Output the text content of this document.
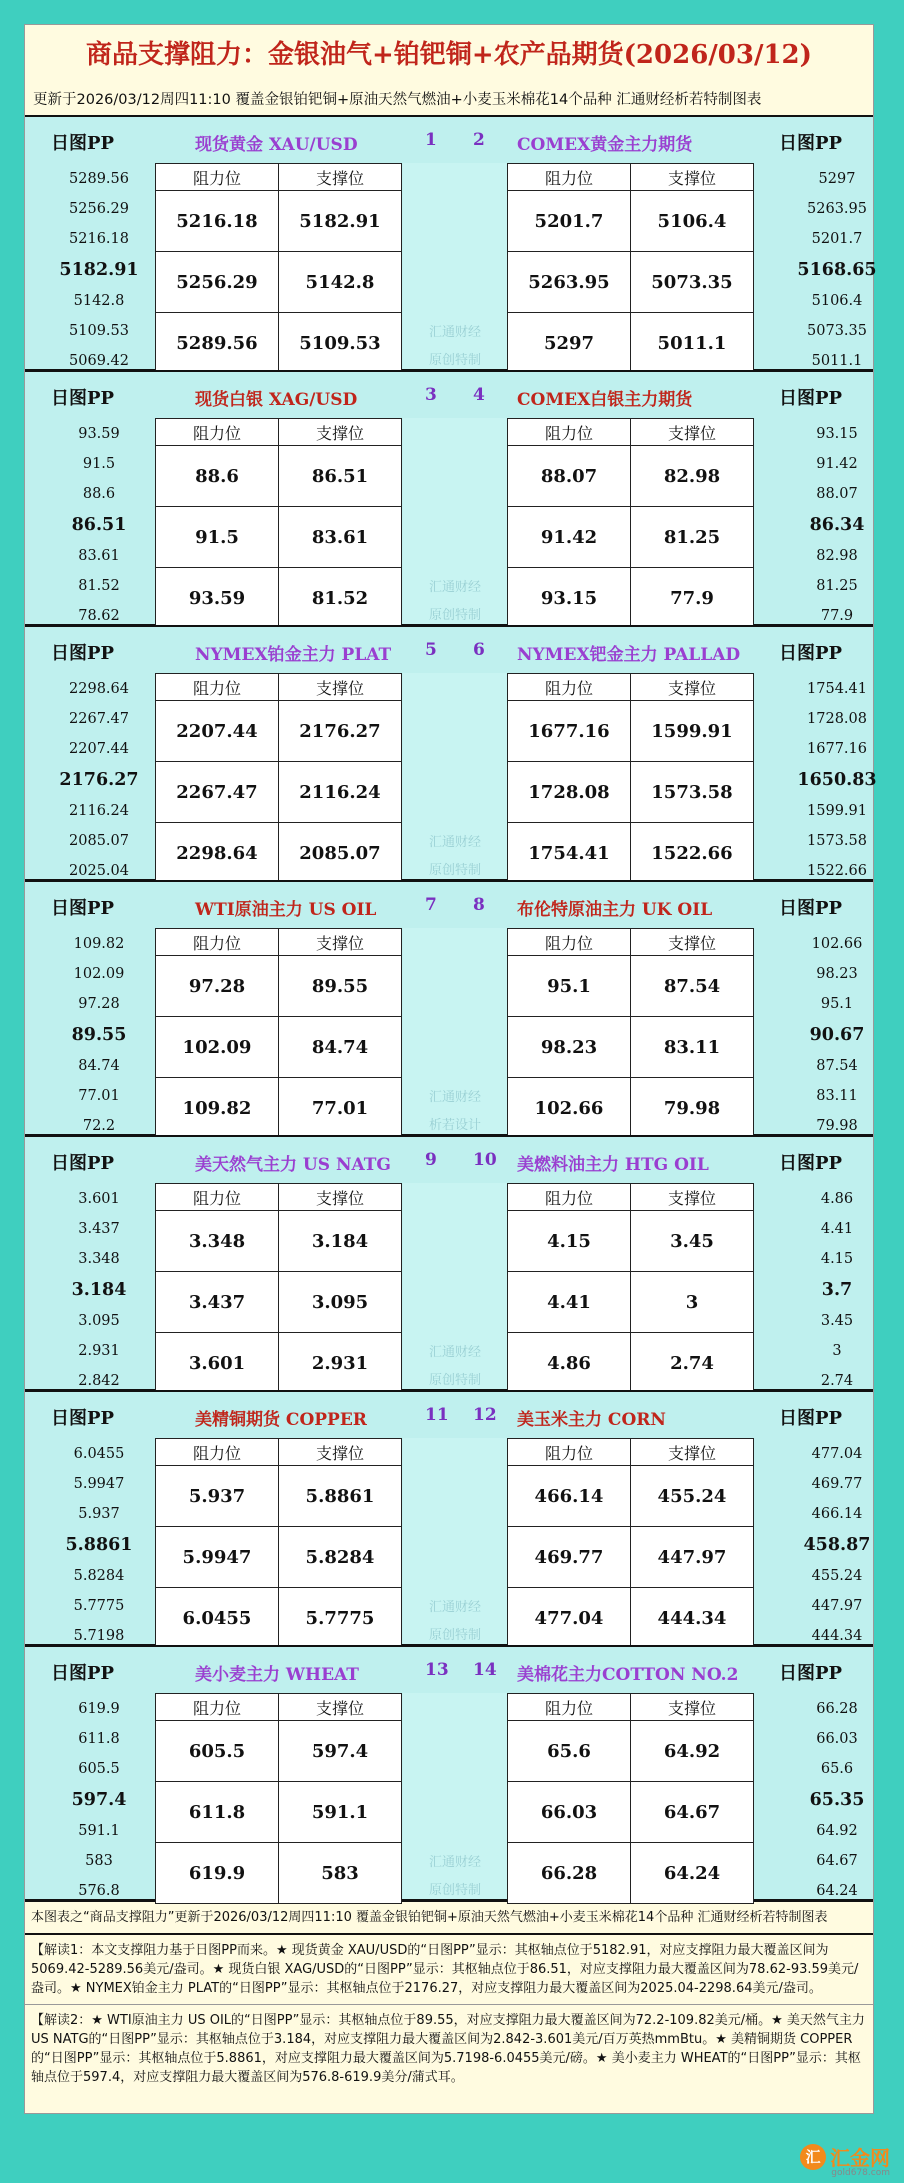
商品支撑阻力：金银油气+铂钯铜+农产品期货(2026/03/12)
更新于2026/03/12周四11:10 覆盖金银铂钯铜+原油天然气燃油+小麦玉米棉花14个品种 汇通财经析若特制图表
汇通财经
原创特制
日图PP	现货黄金 XAU/USD	1
5289.56
5256.29
5216.18
5182.91
5142.8
5109.53
5069.42
阻力位	支撑位
5216.18	5182.91
5256.29	5142.8
5289.56	5109.53
日图PP
COMEX黄金主力期货
2
5297
5263.95
5201.7
5168.65
5106.4
5073.35
5011.1
阻力位	支撑位
5201.7	5106.4
5263.95	5073.35
5297	5011.1
汇通财经
原创特制
日图PP	现货白银 XAG/USD	3
93.59
91.5
88.6
86.51
83.61
81.52
78.62
阻力位	支撑位
88.6	86.51
91.5	83.61
93.59	81.52
日图PP
COMEX白银主力期货
4
93.15
91.42
88.07
86.34
82.98
81.25
77.9
阻力位	支撑位
88.07	82.98
91.42	81.25
93.15	77.9
汇通财经
原创特制
日图PP	NYMEX铂金主力 PLAT 5
2298.64
2267.47
2207.44
2176.27
2116.24
2085.07
2025.04
阻力位	支撑位
2207.44	2176.27
2267.47	2116.24
2298.64	2085.07
日图PP
NYMEX钯金主力 PALLAD
6
1754.41
1728.08
1677.16
1650.83
1599.91
1573.58
1522.66
阻力位	支撑位
1677.16	1599.91
1728.08	1573.58
1754.41	1522.66
汇通财经
析若设计
日图PP	WTI原油主力 US OIL	7
109.82
102.09
97.28
89.55
84.74
77.01
72.2
阻力位	支撑位
97.28	89.55
102.09	84.74
109.82	77.01
日图PP
布伦特原油主力 UK OIL
8
102.66
98.23
95.1
90.67
87.54
83.11
79.98
阻力位	支撑位
95.1	87.54
98.23	83.11
102.66	79.98
汇通财经
原创特制
日图PP	美天然气主力 US NATG 9
3.601
3.437
3.348
3.184
3.095
2.931
2.842
阻力位	支撑位
3.348	3.184
3.437	3.095
3.601	2.931
日图PP
美燃料油主力 HTG OIL
10
4.86
4.41
4.15
3.7
3.45
3
2.74
阻力位	支撑位
4.15	3.45
4.41	3
4.86	2.74
汇通财经
原创特制
日图PP	美精铜期货 COPPER	11
6.0455
5.9947
5.937
5.8861
5.8284
5.7775
5.7198
阻力位	支撑位
5.937	5.8861
5.9947	5.8284
6.0455	5.7775
日图PP
美玉米主力 CORN
12
477.04
469.77
466.14
458.87
455.24
447.97
444.34
阻力位	支撑位
466.14	455.24
469.77	447.97
477.04	444.34
汇通财经
原创特制
日图PP	美小麦主力 WHEAT	13
619.9
611.8
605.5
597.4
591.1
583
576.8
阻力位	支撑位
605.5	597.4
611.8	591.1
619.9	583
日图PP
美棉花主力COTTON NO.2
14
66.28
66.03
65.6
65.35
64.92
64.67
64.24
阻力位	支撑位
65.6	64.92
66.03	64.67
66.28	64.24
本图表之“商品支撑阻力”更新于2026/03/12周四11:10 覆盖金银铂钯铜+原油天然气燃油+小麦玉米棉花14个品种 汇通财经析若特制图表
【解读1：本文支撑阻力基于日图PP而来。★ 现货黄金 XAU/USD的“日图PP”显示：其枢轴点位于5182.91，对应支撑阻力最大覆盖区间为5069.42-5289.56美元/盎司。★ 现货白银 XAG/USD的“日图PP”显示：其枢轴点位于86.51，对应支撑阻力最大覆盖区间为78.62-93.59美元/盎司。★ NYMEX铂金主力 PLAT的“日图PP”显示：其枢轴点位于2176.27，对应支撑阻力最大覆盖区间为2025.04-2298.64美元/盎司。
【解读2：★ WTI原油主力 US OIL的“日图PP”显示：其枢轴点位于89.55，对应支撑阻力最大覆盖区间为72.2-109.82美元/桶。★ 美天然气主力 US NATG的“日图PP”显示：其枢轴点位于3.184，对应支撑阻力最大覆盖区间为2.842-3.601美元/百万英热mmBtu。★ 美精铜期货 COPPER的“日图PP”显示：其枢轴点位于5.8861，对应支撑阻力最大覆盖区间为5.7198-6.0455美元/磅。★ 美小麦主力 WHEAT的“日图PP”显示：其枢轴点位于597.4，对应支撑阻力最大覆盖区间为576.8-619.9美分/蒲式耳。
汇 汇金网
gold678.com
